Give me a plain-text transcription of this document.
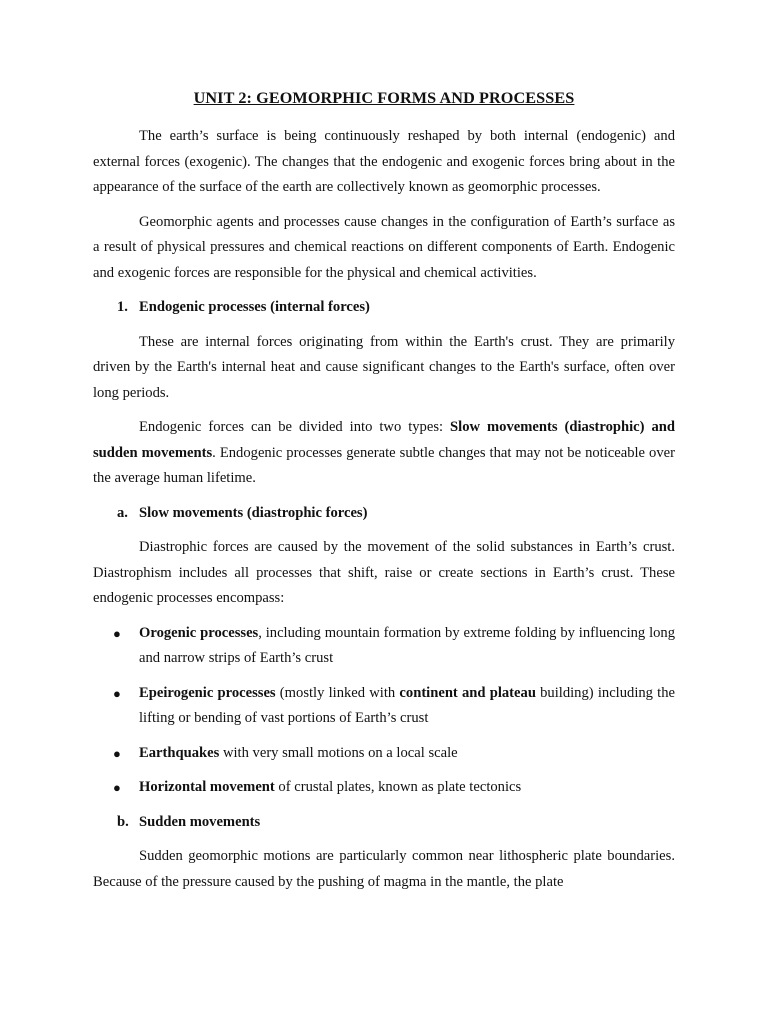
UNIT 2: GEOMORPHIC FORMS AND PROCESSES

The earth’s surface is being continuously reshaped by both internal (endogenic) and external forces (exogenic). The changes that the endogenic and exogenic forces bring about in the appearance of the surface of the earth are collectively known as geomorphic processes.

Geomorphic agents and processes cause changes in the configuration of Earth’s surface as a result of physical pressures and chemical reactions on different components of Earth. Endogenic and exogenic forces are responsible for the physical and chemical activities.

1. Endogenic processes (internal forces)

These are internal forces originating from within the Earth's crust. They are primarily driven by the Earth's internal heat and cause significant changes to the Earth's surface, often over long periods.

Endogenic forces can be divided into two types: Slow movements (diastrophic) and sudden movements. Endogenic processes generate subtle changes that may not be noticeable over the average human lifetime.

a. Slow movements (diastrophic forces)

Diastrophic forces are caused by the movement of the solid substances in Earth’s crust. Diastrophism includes all processes that shift, raise or create sections in Earth’s crust. These endogenic processes encompass:

●	Orogenic processes, including mountain formation by extreme folding by influencing long and narrow strips of Earth’s crust
●	Epeirogenic processes (mostly linked with continent and plateau building) including the lifting or bending of vast portions of Earth’s crust
●	Earthquakes with very small motions on a local scale
●	Horizontal movement of crustal plates, known as plate tectonics
b. Sudden movements

Sudden geomorphic motions are particularly common near lithospheric plate boundaries. Because of the pressure caused by the pushing of magma in the mantle, the plate
